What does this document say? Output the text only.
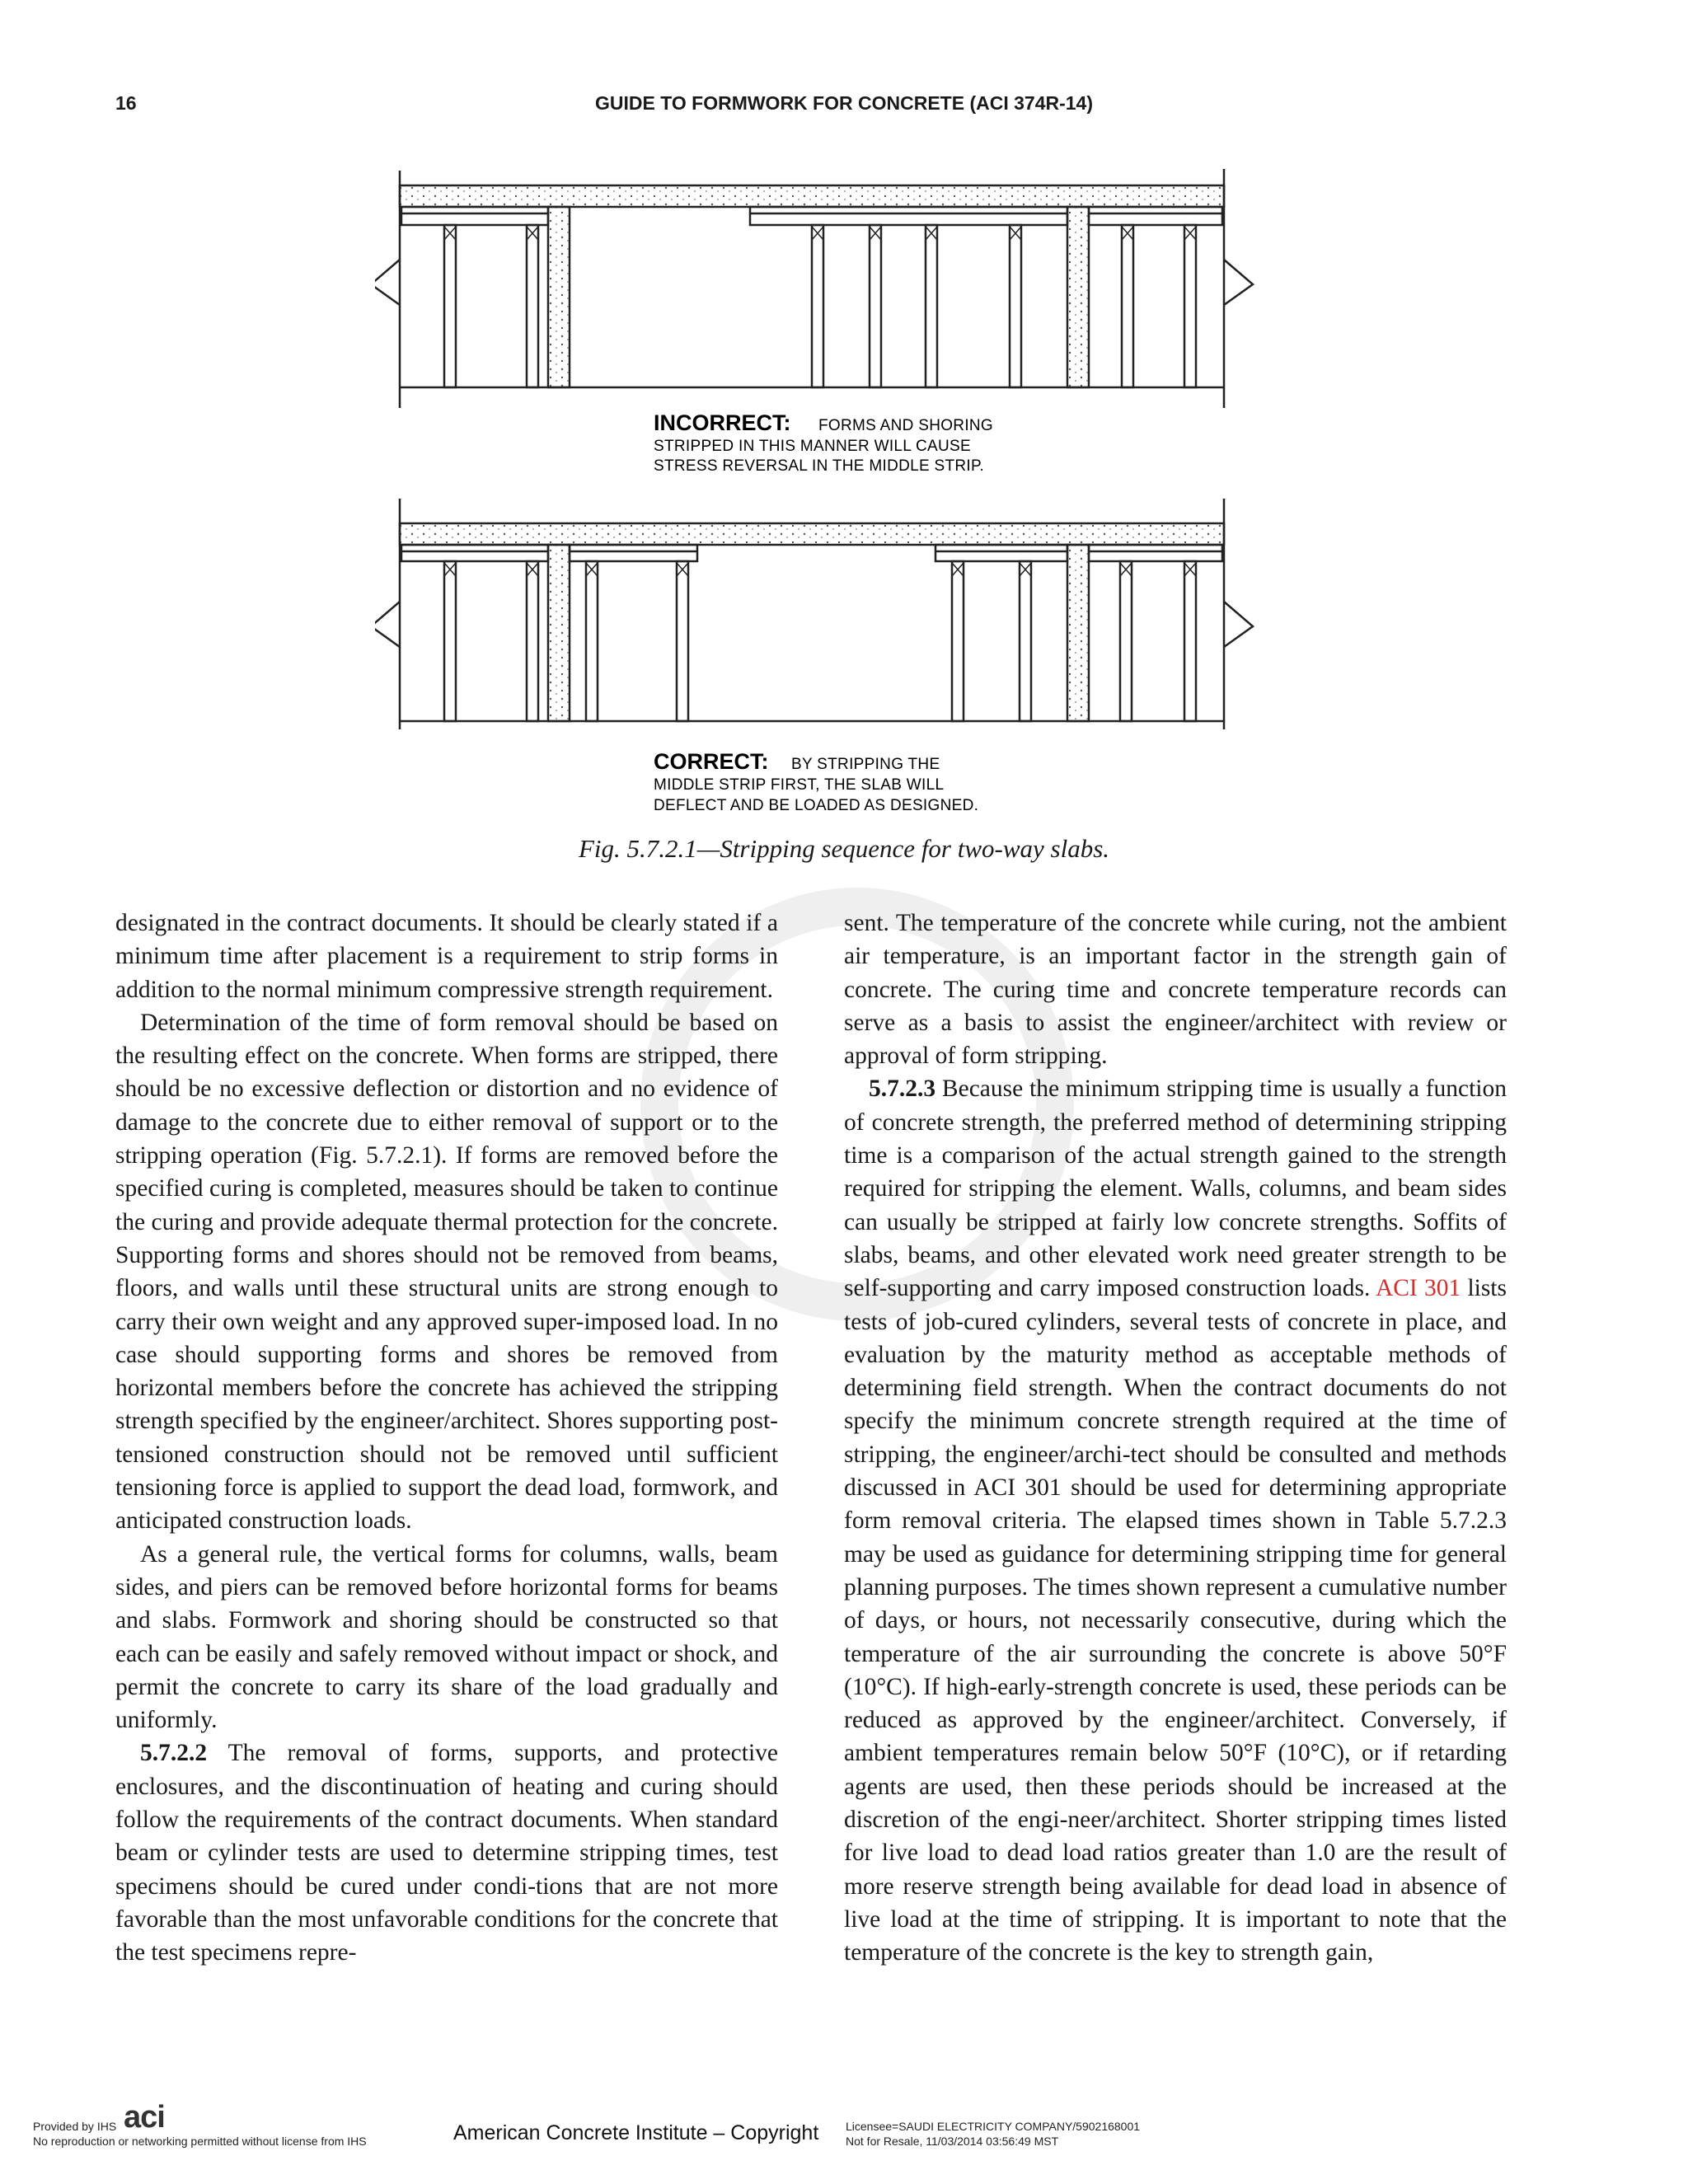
16	GUIDE TO FORMWORK FOR CONCRETE (ACI 374R-14)
INCORRECT: FORMS AND SHORING
STRIPPED IN THIS MANNER WILL CAUSE
STRESS REVERSAL IN THE MIDDLE STRIP.
CORRECT: BY STRIPPING THE
MIDDLE STRIP FIRST, THE SLAB WILL
DEFLECT AND BE LOADED AS DESIGNED.
Fig. 5.7.2.1—Stripping sequence for two-way slabs.

designated in the contract documents. It should be clearly stated if a minimum time after placement is a requirement to strip forms in addition to the normal minimum compressive strength requirement.

Determination of the time of form removal should be based on the resulting effect on the concrete. When forms are stripped, there should be no excessive deflection or distortion and no evidence of damage to the concrete due to either removal of support or to the stripping operation (Fig. 5.7.2.1). If forms are removed before the specified curing is completed, measures should be taken to continue the curing and provide adequate thermal protection for the concrete. Supporting forms and shores should not be removed from beams, floors, and walls until these structural units are strong enough to carry their own weight and any approved super-imposed load. In no case should supporting forms and shores be removed from horizontal members before the concrete has achieved the stripping strength specified by the engineer/architect. Shores supporting post-tensioned construction should not be removed until sufficient tensioning force is applied to support the dead load, formwork, and anticipated construction loads.

As a general rule, the vertical forms for columns, walls, beam sides, and piers can be removed before horizontal forms for beams and slabs. Formwork and shoring should be constructed so that each can be easily and safely removed without impact or shock, and permit the concrete to carry its share of the load gradually and uniformly.

5.7.2.2 The removal of forms, supports, and protective enclosures, and the discontinuation of heating and curing should follow the requirements of the contract documents. When standard beam or cylinder tests are used to determine stripping times, test specimens should be cured under condi-tions that are not more favorable than the most unfavorable conditions for the concrete that the test specimens repre-

sent. The temperature of the concrete while curing, not the ambient air temperature, is an important factor in the strength gain of concrete. The curing time and concrete temperature records can serve as a basis to assist the engineer/architect with review or approval of form stripping.

5.7.2.3 Because the minimum stripping time is usually a function of concrete strength, the preferred method of determining stripping time is a comparison of the actual strength gained to the strength required for stripping the element. Walls, columns, and beam sides can usually be stripped at fairly low concrete strengths. Soffits of slabs, beams, and other elevated work need greater strength to be self-supporting and carry imposed construction loads. ACI 301 lists tests of job-cured cylinders, several tests of concrete in place, and evaluation by the maturity method as acceptable methods of determining field strength. When the contract documents do not specify the minimum concrete strength required at the time of stripping, the engineer/archi-tect should be consulted and methods discussed in ACI 301 should be used for determining appropriate form removal criteria. The elapsed times shown in Table 5.7.2.3 may be used as guidance for determining stripping time for general planning purposes. The times shown represent a cumulative number of days, or hours, not necessarily consecutive, during which the temperature of the air surrounding the concrete is above 50°F (10°C). If high-early-strength concrete is used, these periods can be reduced as approved by the engineer/architect. Conversely, if ambient temperatures remain below 50°F (10°C), or if retarding agents are used, then these periods should be increased at the discretion of the engi-neer/architect. Shorter stripping times listed for live load to dead load ratios greater than 1.0 are the result of more reserve strength being available for dead load in absence of live load at the time of stripping. It is important to note that the temperature of the concrete is the key to strength gain,

Provided by IHS aci
No reproduction or networking permitted without license from IHS	American Concrete Institute – Copyright Licensee=SAUDI ELECTRICITY COMPANY/5902168001
Not for Resale, 11/03/2014 03:56:49 MST
